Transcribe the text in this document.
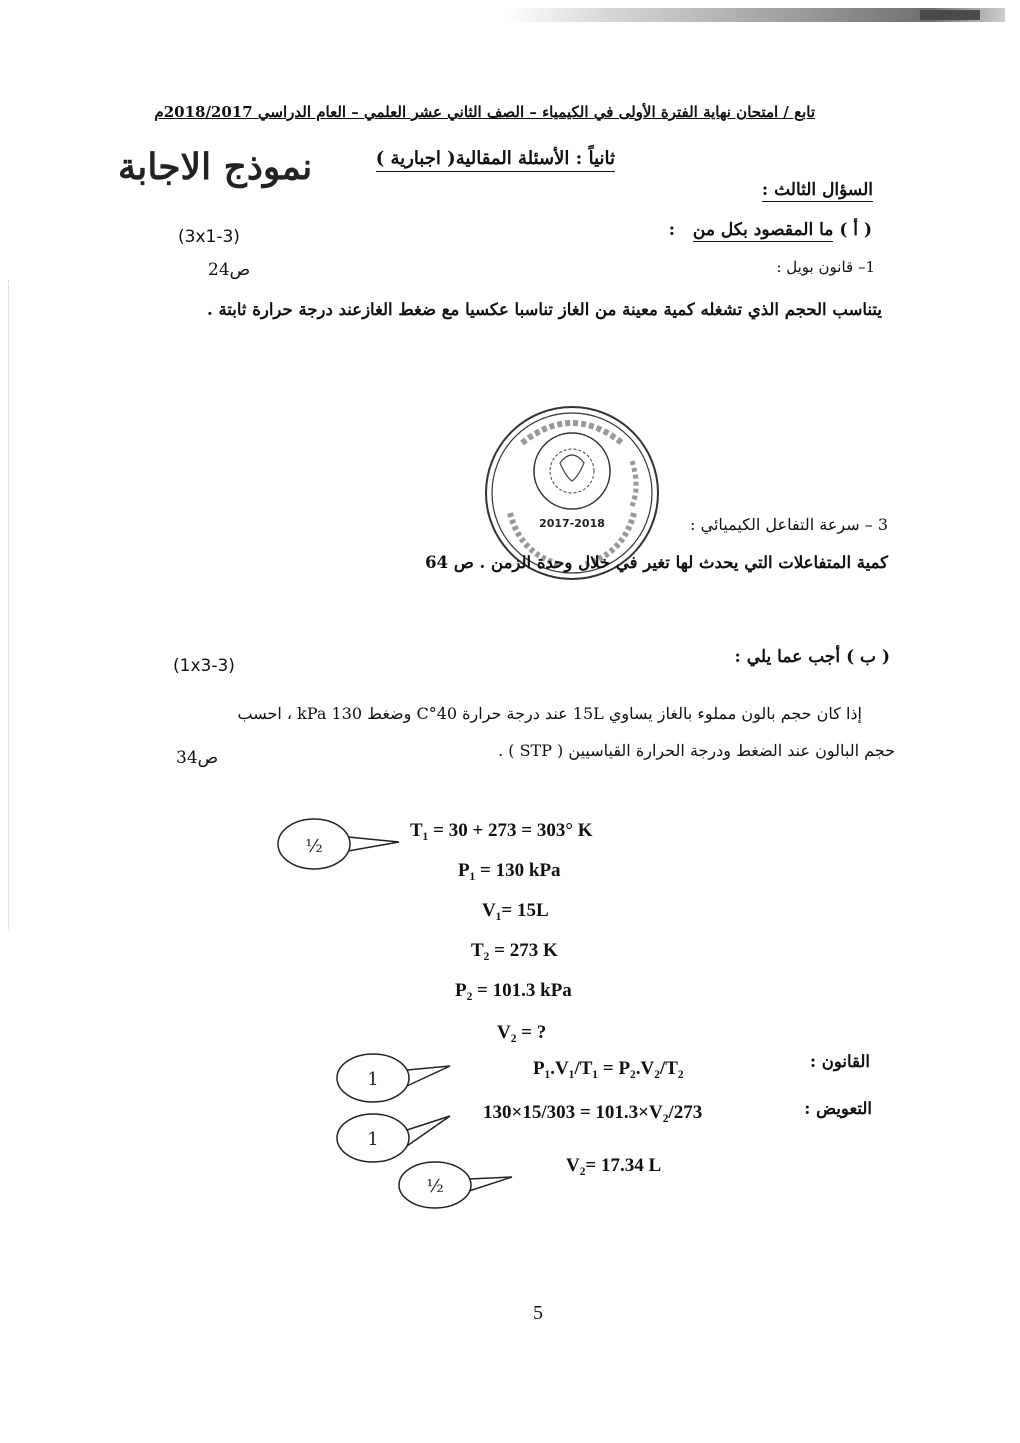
تابع / امتحان نهاية الفترة الأولى في الكيمياء – الصف الثاني عشر العلمي – العام الدراسي 2018/2017م
نموذج الاجابة	ثانياً : الأسئلة المقالية( اجبارية )
السؤال الثالث :
( أ ) ما المقصود بكل من :
(3x1-3)
ص24	1– قانون بويل :
يتناسب الحجم الذي تشغله كمية معينة من الغاز تناسبا عكسيا مع ضغط الغازعند درجة حرارة ثابتة .
2017-2018	3 – سرعة التفاعل الكيميائي :
كمية المتفاعلات التي يحدث لها تغير في خلال وحدة الزمن . ص 64
( ب ) أجب عما يلي :
(1x3-3)
إذا كان حجم بالون مملوء بالغاز يساوي 15L عند درجة حرارة 40°C وضغط 130 kPa ، احسب
حجم البالون عند الضغط ودرجة الحرارة القياسيين ( STP ) .
ص34
T₁ = 30 + 273 = 303° K
P₁ = 130 kPa
V₁= 15L
T₂ = 273 K
P₂ = 101.3 kPa
V₂ = ?
القانون :
P₁.V₁/T₁ = P₂.V₂/T₂
التعويض :
130×15/303 = 101.3×V₂/273
V₂= 17.34 L
½
1
1
½
5
